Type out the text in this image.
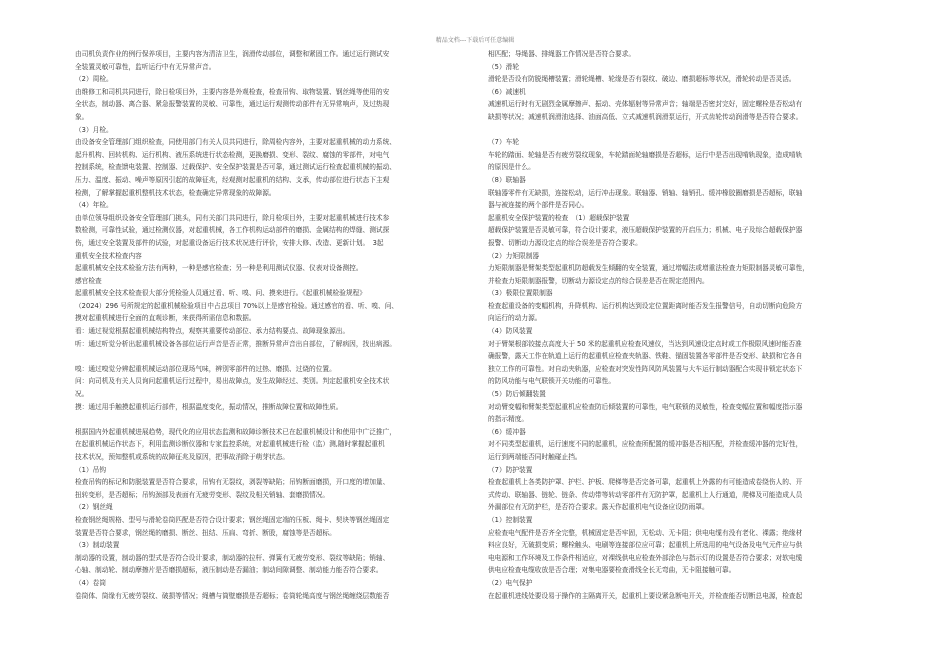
精品文档---下载后可任意编辑

由司机负责作业的例行保养项目，主要内容为清洁卫生，润滑传动部位，调整和紧固工作。通过运行测试安

全装置灵敏可靠性，监听运行中有无异常声音。

（2）周检。

由维修工和司机共同进行，除日检项目外，主要内容是外观检查，检查吊钩、取物装置、钢丝绳等使用的安

全状态，制动器、离合器、紧急报警装置的灵敏、可靠性，通过运行观测传动部件有无异常响声，及过热现

象。

（3）月检。

由设备安全管理部门组织检查，同使用部门有关人员共同进行，除周检内容外，主要对起重机械的动力系统、

起升机构、回转机构、运行机构、液压系统进行状态检测，更换磨损、变形、裂纹、腐蚀的零部件，对电气

控制系统，检查馈电装置、控制器、过载保护、安全保护装置是否可靠，通过测试运行检查起重机械的振动、

压力、温度、振动、噪声等原因引起的故障征兆，经观测对起重机的结构、支承，传动部位进行状态下主观

检测，了解掌握起重机整机技术状态，检查确定异常现象的故障源。

（4）年检。

由单位领导组织设备安全管理部门挑头，同有关部门共同进行，除月检项目外，主要对起重机械进行技术参

数检测，可靠性试验，通过检测仪器，对起重机械，各工作机构运动部件的磨损、金属结构的焊缝、测试探

伤，通过安全装置及部件的试验，对起重设备运行技术状况进行评价，安排大修、改造、更新计划。　3起

重机安全技术检查内容

起重机械安全技术检验方法有两种，一种是感官检查；另一种是利用测试仪器、仪表对设备测控。

感官检查

起重机械安全技术检查很大部分凭检验人员通过看、听、嗅、问、摸来进行。《起重机械检验规程》

（2024）296 号所规定的起重机械检验项目中占总项目 70%以上是感官检验。通过感官的看、听、嗅、问、

摸对起重机械进行全面的直观诊断，来获得所需信息和数据。

看：通过视觉根据起重机械结构特点，观察其重要传动部位、承力结构要点、故障现象源出。

听：通过听觉分析出起重机械设备各部位运行声音是否正常，推断异常声音出自部位，了解病因，找出病源。

嗅：通过嗅觉分辨起重机械运动部位现场气味，辨别零部件的过热、磨损、过烧的位置。

问：向司机及有关人员询问起重机运行过程中，易出故障点，发生故障经过、类别。判定起重机安全技术状

况。

摸：通过用手触摸起重机运行部件，根据温度变化，振动情况，推断故障位置和故障性质。

根据国内外起重机械进展趋势，现代化的应用状态监测和故障诊断技术已在起重机械设计和使用中广泛推广，

在起重机械运作状态下，利用监测诊断仪器和专家监控系统，对起重机械进行检（监）测,随时掌握起重机

技术状况，预知整机或系统的故障征兆及原因，把事故消除于萌芽状态。

（1）吊钩

检查吊钩的标记和防脱装置是否符合要求，吊钩有无裂纹，剥裂等缺陷；吊钩断面磨损，开口度的增加量、

扭转变形，是否超标；吊钩颈部及表面有无疲劳变形、裂纹及相关销轴、套磨损情况。

（2）钢丝绳

检查钢丝绳规格、型号与滑轮卷筒匹配是否符合设计要求；钢丝绳固定端的压板、绳卡、契块等钢丝绳固定

装置是否符合要求，钢丝绳的磨损、断丝、扭结、压扁、弯折、断股，腐蚀等是否超标。

（3）制动装置

制动器的设置，制动器的型式是否符合设计要求，制动器的拉杆、弹簧有无疲劳变形、裂纹等缺陷；销轴、

心轴、制动轮、制动摩擦片是否磨损超标，液压制动是否漏油；制动间隙调整、制动能力能否符合要求。

（4）卷筒

卷筒体、筒缘有无疲劳裂纹、破损等情况；绳槽与筒壁磨损是否超标；卷筒轮绳高度与钢丝绳缠绕层数能否

相匹配；导绳器、排绳器工作情况是否符合要求。

（5）滑轮

滑轮是否设有防脱绳槽装置；滑轮绳槽、轮缘是否有裂纹、破边、磨损超标等状况，滑轮转动是否灵活。

（6）减速机

减速机运行时有无剧烈金属摩擦声、振动、壳体辐射等异常声音；轴端是否密封完好，固定螺栓是否松动有

缺损等状况；减速机润滑油选择、油面高低、立式减速机润滑泵运行，开式齿轮传动润滑等是否符合要求。

（7）车轮

车轮的踏面、轮轴是否有疲劳裂纹现象，车轮踏面轮轴磨损是否超标，运行中是否出现啃轨现象，造成啃轨

的原因是什么。

（8）联轴器

联轴器零件有无缺损，连接松动，运行冲击现象。联轴器、销轴、轴销孔、缓冲橡胶圈磨损是否超标，联轴

器与被连接的两个部件是否同心。

起重机安全保护装置的检查　（1）超载保护装置

超载保护装置是否灵敏可靠，符合设计要求，液压超载保护装置的开启压力；机械、电子及综合超载保护器

报警、切断动力源设定点的综合误差是否符合要求。

（2）力矩限制器

力矩限制器是臂架类型起重机防超载发生倾翻的安全装置，通过增幅法或增重法检查力矩限制器灵敏可靠性，

并检查力矩限制器报警，切断动力源设定点的综合误差是否在规定范围内。

（3）极限位置限制器

检查起重设备的变幅机构，升降机构、运行机构达到设定位置距离时能否发生报警信号，自动切断向危险方

向运行的动力源。

（4）防风装置

对于臂架根部铰接点高度大于 50 米的起重机应检查风速仪，当达到风速设定点时或工作极限风速时能否准

确报警，露天工作在轨道上运行的起重机应检查夹轨器、铁鞋、锚固装置各零部件是否变形、缺损和它各自

独立工作的可靠性。对自动夹轨器，应检查对突发性阵风防风装置与大车运行制动器配合实现非锁定状态下

的防风功能与电气联锁开关功能的可靠性。

（5）防后倾翻装置

对动臂变幅和臂架类型起重机应检查防后倾装置的可靠性，电气联锁的灵敏性，检查变幅位置和幅度指示器

的指示精度。

（6）缓冲器

对不同类型起重机，运行速度不同的起重机，应检查所配置的缓冲器是否相匹配，并检查缓冲器的完好性，

运行到两端能否同时触碰止挡。

（7）防护装置

检查起重机上各类防护罩、护栏、护板、爬梯等是否完备可靠，起重机上外露的有可能造成卷绕伤人的、开

式传动、联轴器、链轮、链条、传动带等转动零部件有无防护罩，起重机上人行通道，爬梯及可能造成人员

外漏部位有无防护栏，是否符合要求。露天作起重机电气设备应设防雨罩。

（1）控制装置

应检查电气配件是否齐全完整，机械固定是否牢固，无松动、无卡阻；供电电缆有没有老化、裸露；绝缘材

料应良好，无破损变质；螺栓触头、电刷等连接部位应可靠；起重机上所选用的电气设备及电气元件应与供

电电源和工作环境及工作条件相适应，对裸线供电应检查外部涂色与指示灯的设置是否符合要求；对软电缆

供电应检查电缆收放是否合理；对集电器要检查滑线全长无弯曲，无卡阻接触可靠。

（2）电气保护

在起重机进线处要设易于操作的主隔离开关，起重机上要设紧急断电开关，并检查能否切断总电源，检查起
